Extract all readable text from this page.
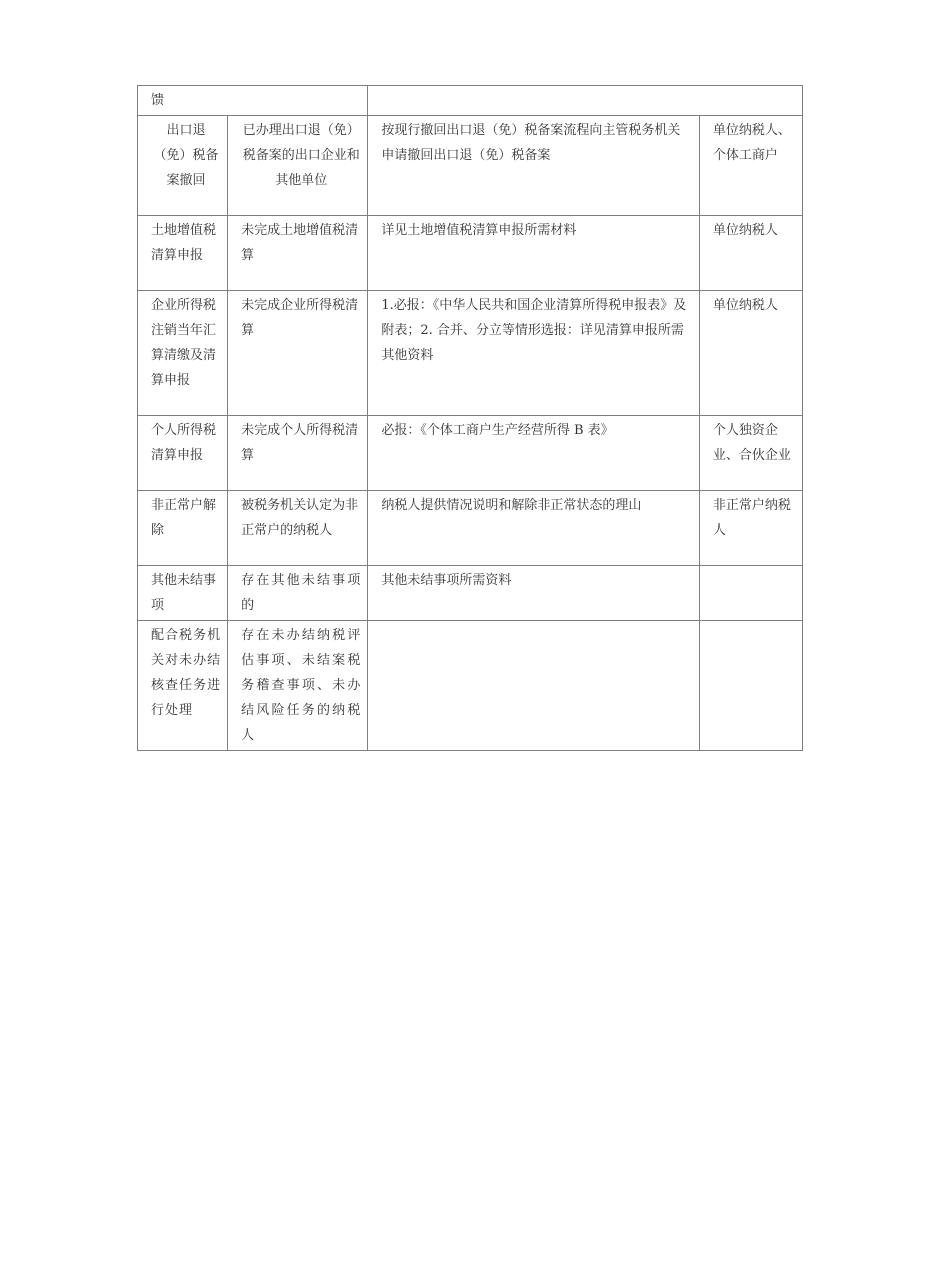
馈			
出口退（免）税备案撤回	已办理出口退（免）税备案的出口企业和其他单位	按现行撤回出口退（免）税备案流程向主管税务机关申请撤回出口退（免）税备案	单位纳税人、个体工商户
土地增值税清算申报	未完成土地增值税清算	详见土地增值税清算申报所需材料	单位纳税人
企业所得税注销当年汇算清缴及清算申报	未完成企业所得税清算	1.必报：《中华人民共和国企业清算所得税申报表》及附表；2. 合并、分立等情形选报：详见清算申报所需其他资料	单位纳税人
个人所得税清算申报	未完成个人所得税清算	必报：《个体工商户生产经营所得 B 表》	个人独资企业、合伙企业
非正常户解除	被税务机关认定为非正常户的纳税人	纳税人提供情况说明和解除非正常状态的理山	非正常户纳税人
其他未结事项	存在其他未结事项的	其他未结事项所需资料	
配合税务机关对未办结核查任务进行处理	存在未办结纳税评估事项、未结案税务稽查事项、未办结风险任务的纳税人		
